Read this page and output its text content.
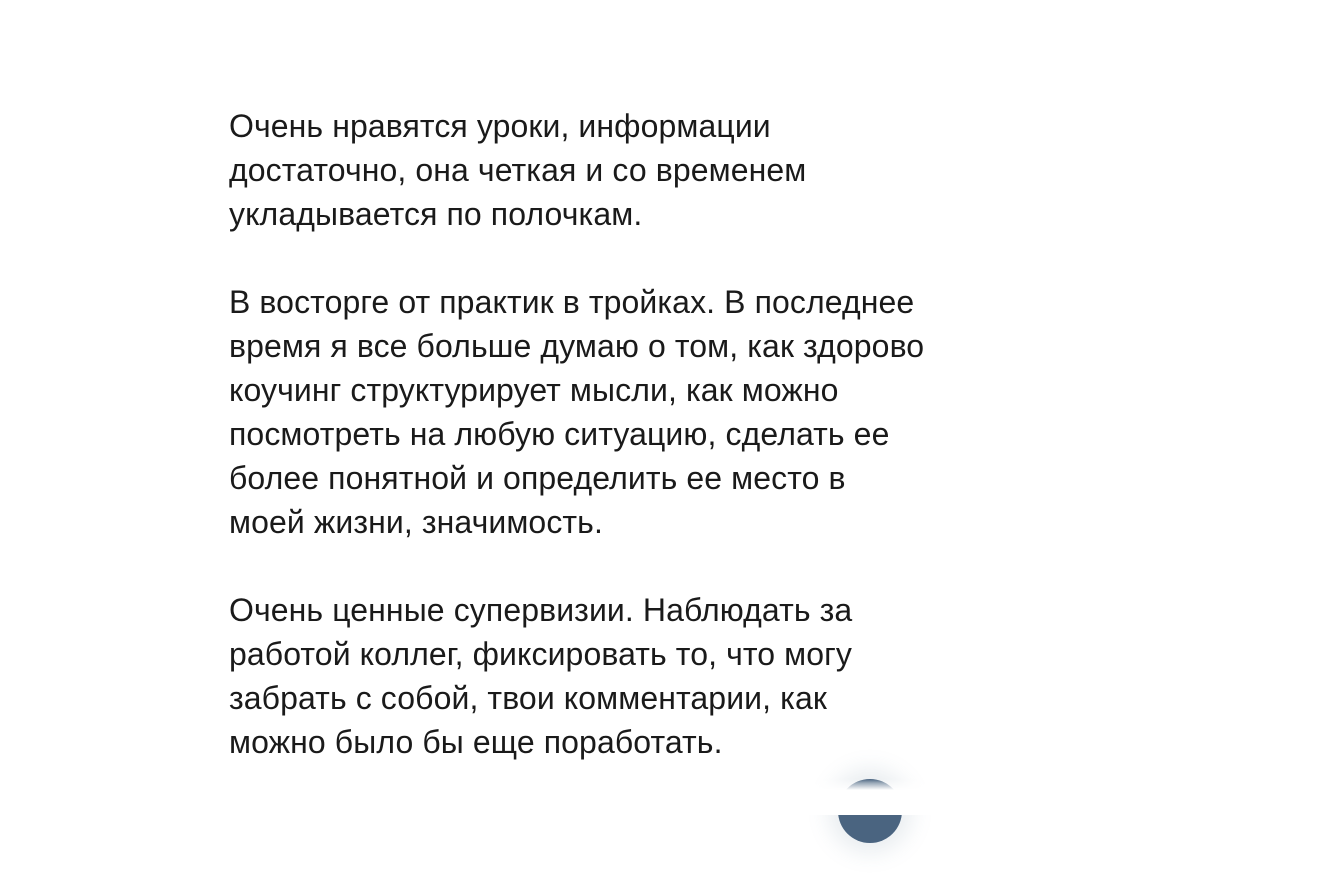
Очень нравятся уроки, информации
достаточно, она четкая и со временем
укладывается по полочкам.
В восторге от практик в тройках. В последнее
время я все больше думаю о том, как здорово
коучинг структурирует мысли, как можно
посмотреть на любую ситуацию, сделать ее
более понятной и определить ее место в
моей жизни, значимость.
Очень ценные супервизии. Наблюдать за
работой коллег, фиксировать то, что могу
забрать с собой, твои комментарии, как
можно было бы еще поработать.
